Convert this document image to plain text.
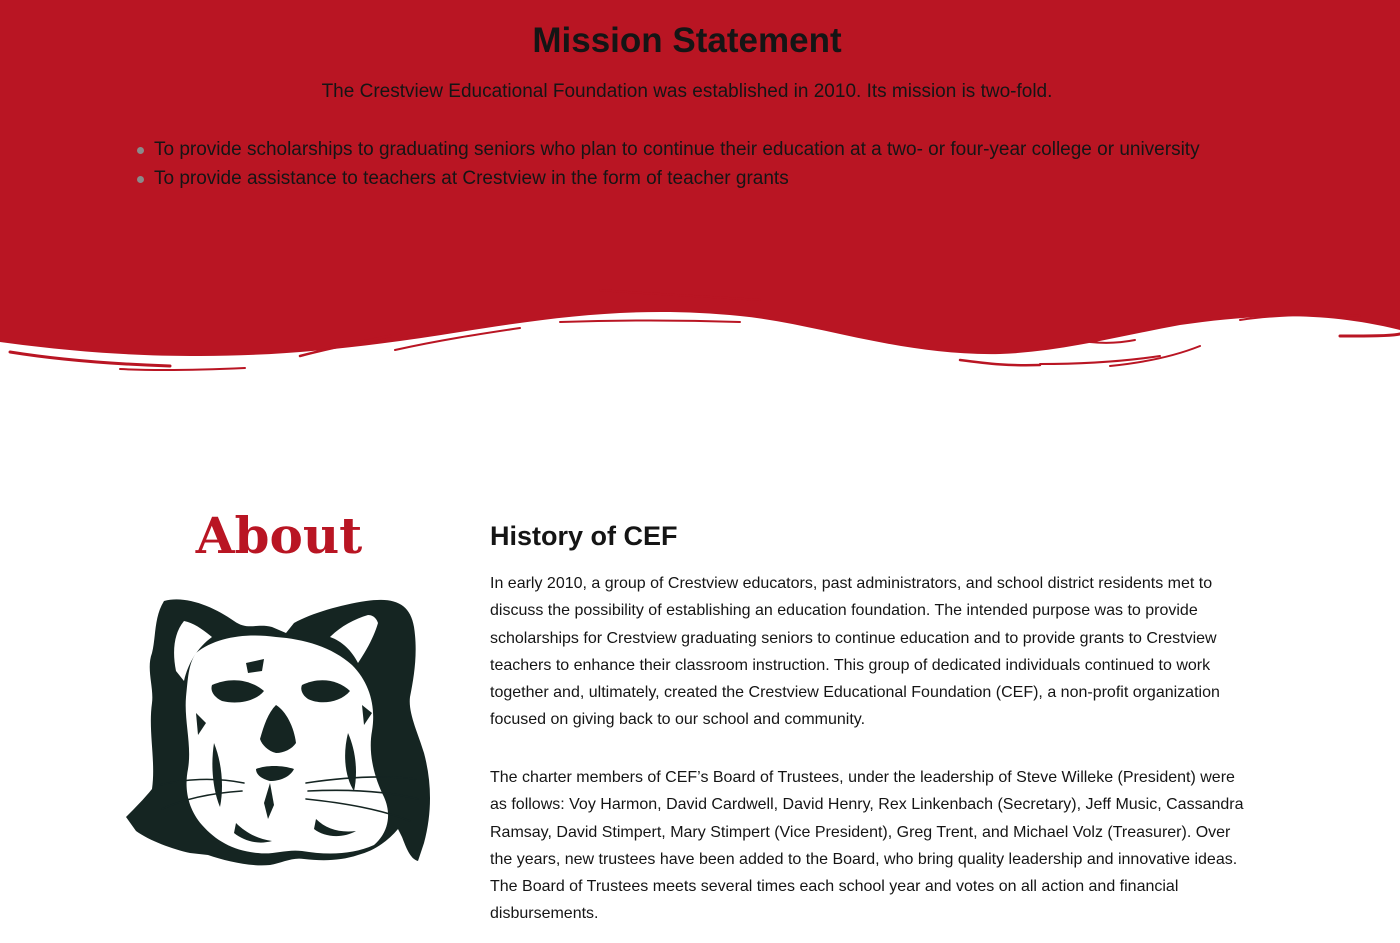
Mission Statement

The Crestview Educational Foundation was established in 2010. Its mission is two-fold.

To provide scholarships to graduating seniors who plan to continue their education at a two- or four-year college or university
To provide assistance to teachers at Crestview in the form of teacher grants
About	History of CEF

In early 2010, a group of Crestview educators, past administrators, and school district residents met to discuss the possibility of establishing an education foundation. The intended purpose was to provide scholarships for Crestview graduating seniors to continue education and to provide grants to Crestview teachers to enhance their classroom instruction. This group of dedicated individuals continued to work together and, ultimately, created the Crestview Educational Foundation (CEF), a non-profit organization focused on giving back to our school and community.

The charter members of CEF’s Board of Trustees, under the leadership of Steve Willeke (President) were as follows: Voy Harmon, David Cardwell, David Henry, Rex Linkenbach (Secretary), Jeff Music, Cassandra Ramsay, David Stimpert, Mary Stimpert (Vice President), Greg Trent, and Michael Volz (Treasurer). Over the years, new trustees have been added to the Board, who bring quality leadership and innovative ideas. The Board of Trustees meets several times each school year and votes on all action and financial disbursements.
